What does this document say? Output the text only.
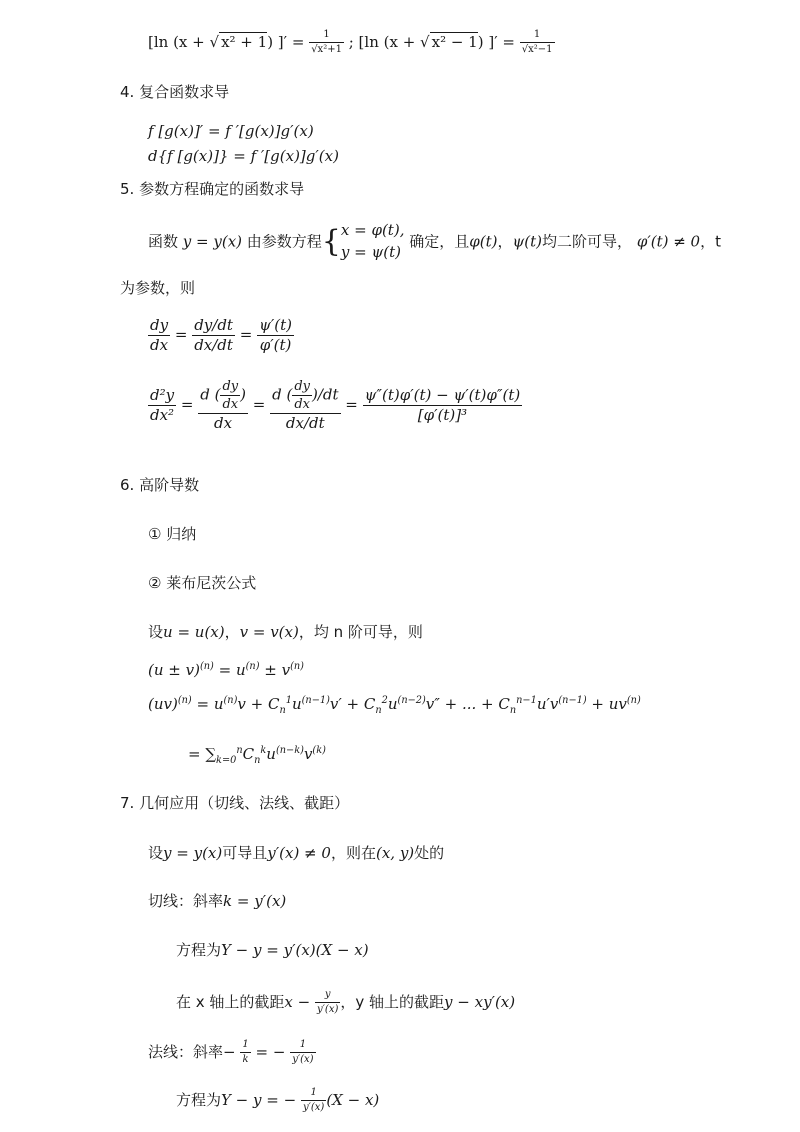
[ln (x + √ x² + 1) ]′ = $\frac{1}{\text{√x²+1}}$ ; [ln (x + √ x² − 1) ]′ = $\frac{1}{\text{√x²−1}}$
4. 复合函数求导
f [g(x)]′ = f ′[g(x)]g′(x)
d{f [g(x)]} = f ′[g(x)]g′(x)
5. 参数方程确定的函数求导
函数 y = y(x) 由参数方程{ x = φ(t),
y = ψ(t)
确定，且φ(t)，ψ(t)均二阶可导， φ′(t) ≠ 0，t
为参数，则
$\frac{dy}{dx} = \frac{dy/dt}{dx/dt} = \frac{\psi'(t)}{\varphi'(t)}$
$\frac{\text{d²y}}{\text{dx²}} = \frac{d ( \frac{dy}{dx} )}{dx} = \frac{d ( \frac{dy}{dx} )/dt}{dx/dt} = \frac{\psi''(t)\varphi'(t) - \psi'(t)\varphi''(t)}{\text{[φ′(t)]³}}$
6. 高阶导数
① 归纳
② 莱布尼茨公式
设u = u(x)，v = v(x)，均 n 阶可导，则
$(u \pm v)^{(n)} = u^{(n)} \pm v^{(n)}$
$(uv)^{(n)} = u^{(n)}v + C_n^1u^{(n-1)}v' + C_n^2u^{(n-2)}v''$ + ... + $C_n^{n-1}u'v^{(n-1)} + uv^{(n)}$
= $\sum_{k=0}^nC_n^ku^{(n-k)}v^{(k)}$
7. 几何应用（切线、法线、截距）
设y = y(x)可导且y′(x) ≠ 0，则在(x, y)处的
切线：斜率k = y′(x)
方程为Y − y = y′(x)(X − x)
在 x 轴上的截距$x - \frac{y}{y'(x)}$ ，y 轴上的截距y − xy′(x)
法线：斜率− $\frac{1}{k}$ = − $\frac{1}{y'(x)}$
方程为Y − y = − $\frac{1}{y'(x)} (X - x)$
